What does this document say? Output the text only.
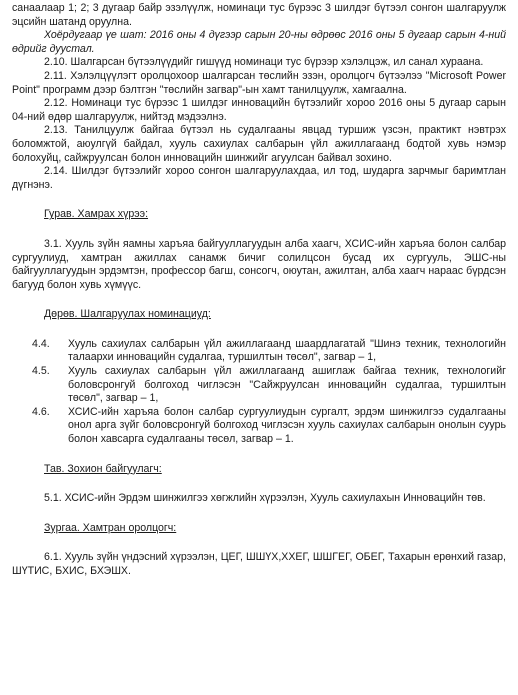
санаалаар 1; 2; 3 дугаар байр эзэлүүлж, номинаци тус бүрээс 3 шилдэг бүтээл сонгон шалгаруулж эцсийн шатанд оруулна.

Хоёрдугаар үе шат: 2016 оны 4 дүгээр сарын 20-ны өдрөөс 2016 оны 5 дугаар сарын 4-ний өдрийг дуустал.

2.10. Шалгарсан бүтээлүүдийг гишүүд номинаци тус бүрээр хэлэлцэж, ил санал хураана.

2.11. Хэлэлцүүлэгт оролцохоор шалгарсан төслийн эзэн, оролцогч бүтээлээ "Microsoft Power Point" программ дээр бэлтгэн "төслийн загвар"-ын хамт танилцуулж, хамгаална.

2.12. Номинаци тус бүрээс 1 шилдэг инновацийн бүтээлийг хороо 2016 оны 5 дугаар сарын 04-ний өдөр шалгаруулж, нийтэд мэдээлнэ.

2.13. Танилцуулж байгаа бүтээл нь судалгааны явцад туршиж үзсэн, практикт нэвтрэх боломжтой, аюулгүй байдал, хууль сахиулах салбарын үйл ажиллагаанд бодтой хувь нэмэр болохуйц, сайжруулсан болон инновацийн шинжийг агуулсан байвал зохино.

2.14. Шилдэг бүтээлийг хороо сонгон шалгаруулахдаа, ил тод, шударга зарчмыг баримтлан дүгнэнэ.

Гурав. Хамрах хүрээ:

3.1. Хууль зүйн яамны харъяа байгууллагуудын алба хаагч, ХСИС-ийн харъяа болон салбар сургуулиуд, хамтран ажиллах санамж бичиг солилцсон бусад их сургууль, ЭШС-ны байгууллагуудын эрдэмтэн, профессор багш, сонсогч, оюутан, ажилтан, алба хаагч нараас бүрдсэн багууд болон хувь хүмүүс.

Дөрөв. Шалгаруулах номинациуд:

4.4.	Хууль сахиулах салбарын үйл ажиллагаанд шаардлагатай "Шинэ техник, технологийн талаархи инновацийн судалгаа, туршилтын төсөл", загвар – 1,
4.5.	Хууль сахиулах салбарын үйл ажиллагаанд ашиглаж байгаа техник, технологийг боловсронгуй болгоход чиглэсэн "Сайжруулсан инновацийн судалгаа, туршилтын төсөл", загвар – 1,
4.6.	ХСИС-ийн харъяа болон салбар сургуулиудын сургалт, эрдэм шинжилгээ судалгааны онол арга зүйг боловсронгуй болгоход чиглэсэн хууль сахиулах салбарын онолын суурь болон хавсарга судалгааны төсөл, загвар – 1.

Тав. Зохион байгуулагч:

5.1. ХСИС-ийн Эрдэм шинжилгээ хөгжлийн хүрээлэн, Хууль сахиулахын Инновацийн төв.

Зургаа. Хамтран оролцогч:

6.1. Хууль зүйн үндэсний хүрээлэн, ЦЕГ, ШШҮХ,ХХЕГ, ШШГЕГ, ОБЕГ, Тахарын ерөнхий газар, ШҮТИС, БХИС, БХЭШХ.
